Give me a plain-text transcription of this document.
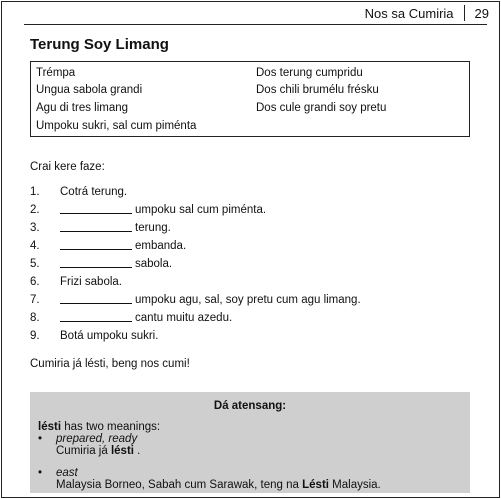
Nos sa Cumiria 29
Terung Soy Limang
Trémpa
Ungua sabola grandi
Agu di tres limang
Umpoku sukri, sal cum piménta
Dos terung cumpridu
Dos chili brumélu frésku
Dos cule grandi soy pretu
Crai kere faze:
1.	Cotrá terung.
2.	umpoku sal cum piménta.
3.	terung.
4.	embanda.
5.	sabola.
6.	Frizi sabola.
7.	umpoku agu, sal, soy pretu cum agu limang.
8.	cantu muitu azedu.
9.	Botá umpoku sukri.
Cumiria já lésti, beng nos cumi!
Dá atensang:
lésti has two meanings:
• prepared, ready
Cumiria já lésti .
• east
Malaysia Borneo, Sabah cum Sarawak, teng na Lésti Malaysia.
